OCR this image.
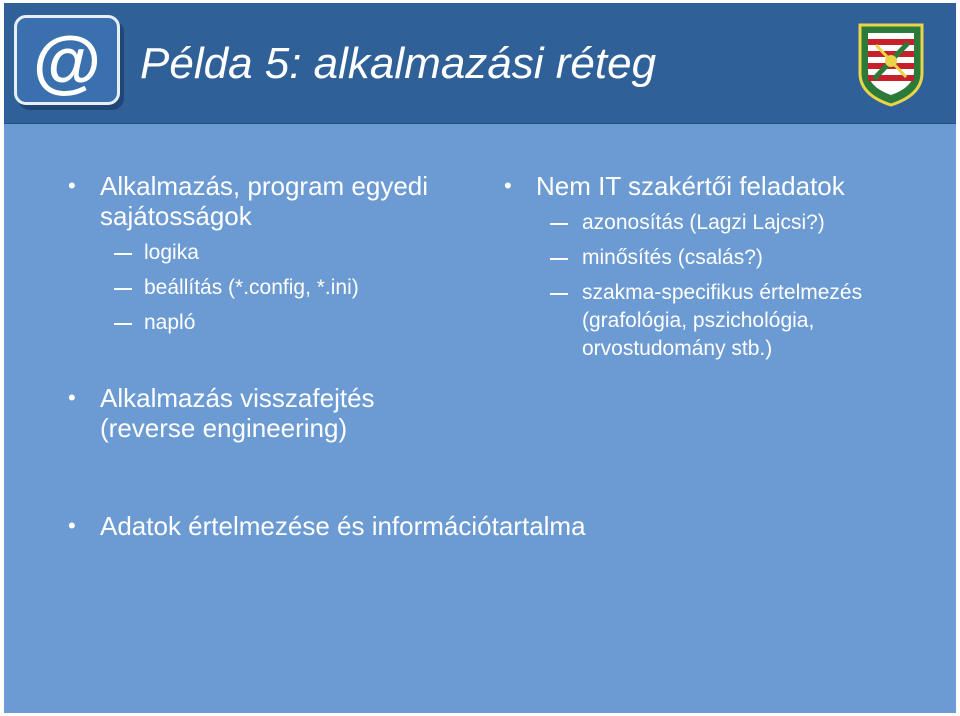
@ Példa 5: alkalmazási réteg

• Alkalmazás, program egyedi sajátosságok

logika

beállítás (*.config, *.ini)

napló

• Alkalmazás visszafejtés (reverse engineering)

• Nem IT szakértői feladatok

azonosítás (Lagzi Lajcsi?)

minősítés (csalás?)

szakma-specifikus értelmezés (grafológia, pszichológia, orvostudomány stb.)

• Adatok értelmezése és információtartalma
